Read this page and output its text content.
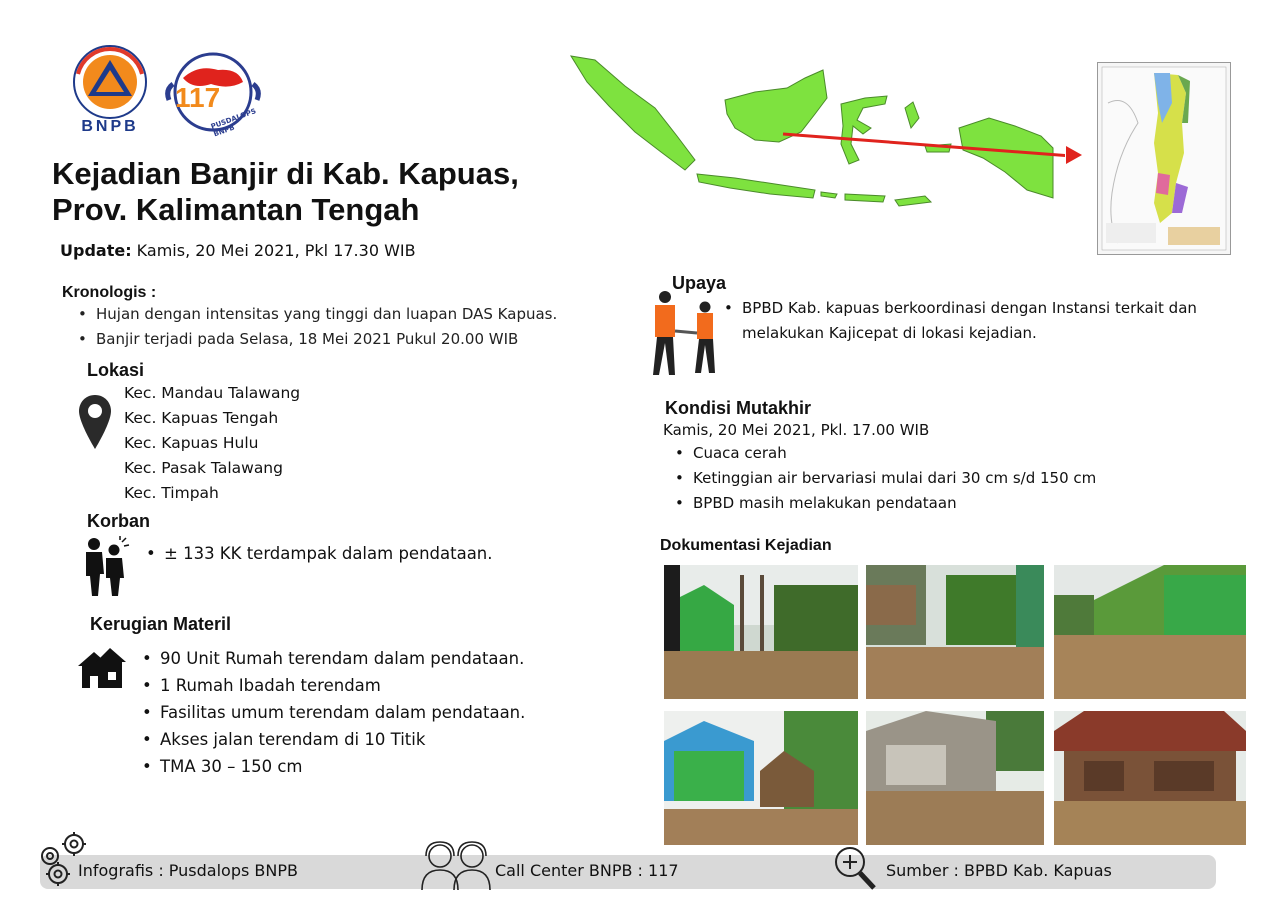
BNPB
117
PUSDALOPS BNPB
Kejadian Banjir di Kab. Kapuas,
Prov. Kalimantan Tengah
Update: Kamis, 20 Mei 2021, Pkl 17.30 WIB
Kronologis :
• Hujan dengan intensitas yang tinggi dan luapan DAS Kapuas.
• Banjir terjadi pada Selasa, 18 Mei 2021 Pukul 20.00 WIB
Lokasi
Kec. Mandau Talawang
Kec. Kapuas Tengah
Kec. Kapuas Hulu
Kec. Pasak Talawang
Kec. Timpah
Korban
• ± 133 KK terdampak dalam pendataan.
Kerugian Materil
• 90 Unit Rumah terendam dalam pendataan.
• 1 Rumah Ibadah terendam
• Fasilitas umum terendam dalam pendataan.
• Akses jalan terendam di 10 Titik
• TMA 30 – 150 cm
Upaya
• BPBD Kab. kapuas berkoordinasi dengan Instansi terkait dan melakukan Kajicepat di lokasi kejadian.
Kondisi Mutakhir
Kamis, 20 Mei 2021, Pkl. 17.00 WIB
• Cuaca cerah
• Ketinggian air bervariasi mulai dari 30 cm s/d 150 cm
• BPBD masih melakukan pendataan
Dokumentasi Kejadian
Infografis : Pusdalops BNPB	Call Center BNPB : 117	Sumber : BPBD Kab. Kapuas
